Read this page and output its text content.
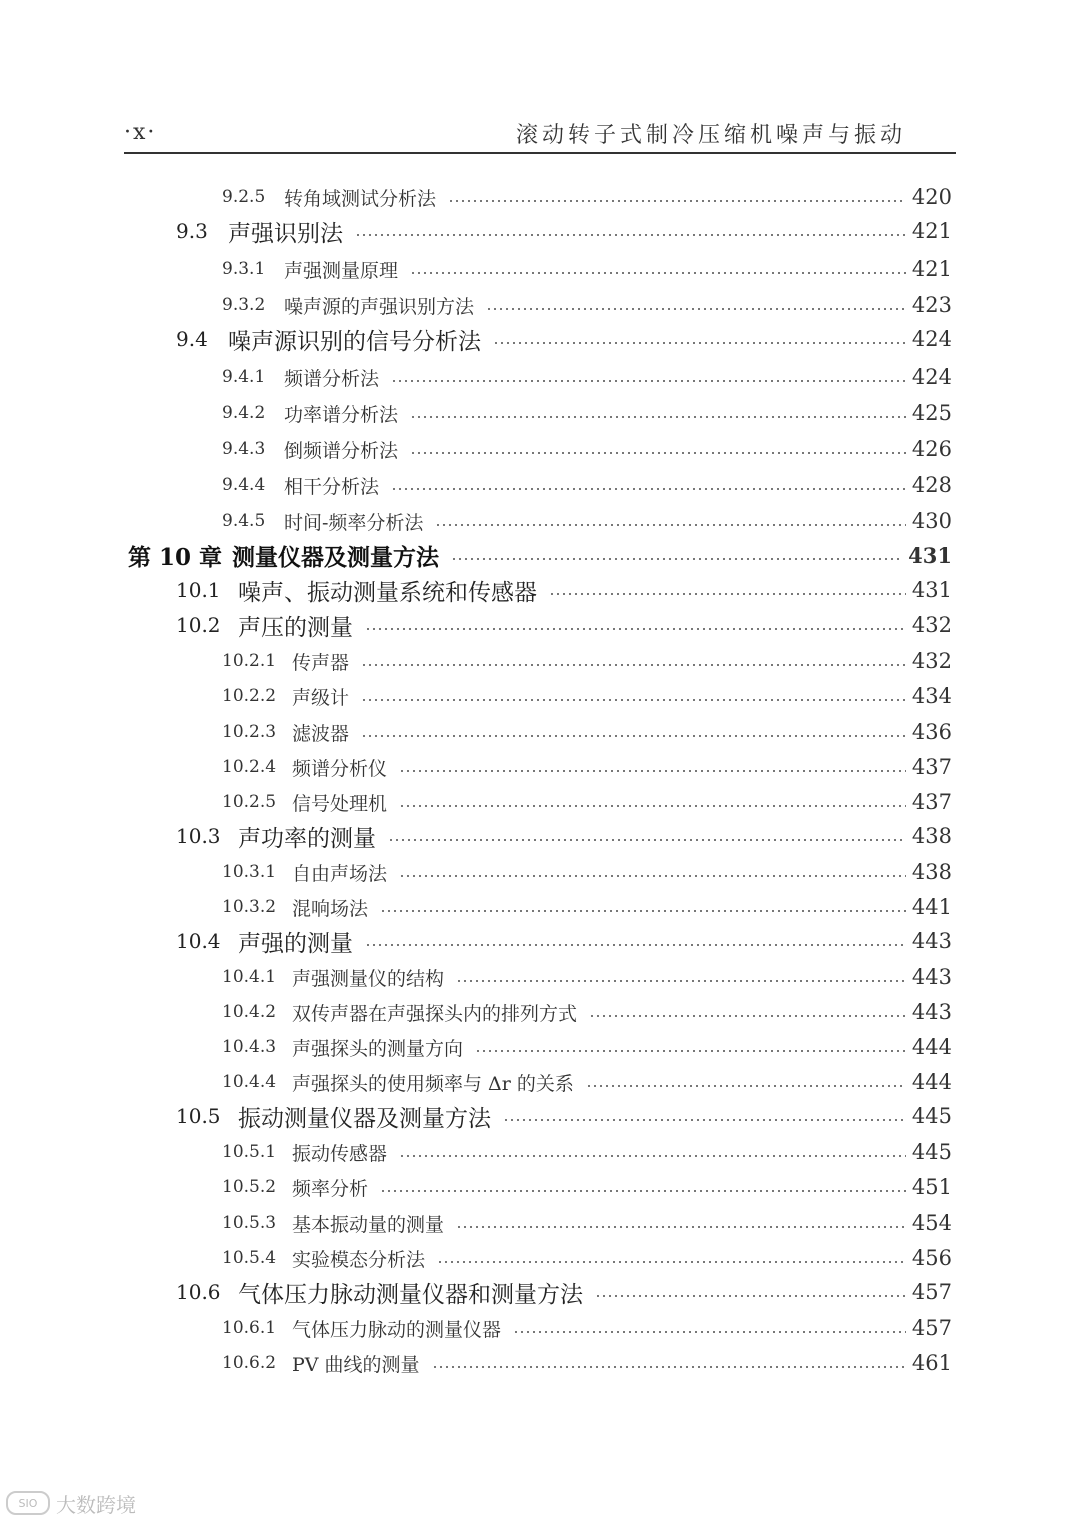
·x·	滚动转子式制冷压缩机噪声与振动
9.2.5 转角域测试分析法	420
9.3 声强识别法	421
9.3.1 声强测量原理	421
9.3.2 噪声源的声强识别方法	423
9.4 噪声源识别的信号分析法	424
9.4.1 频谱分析法	424
9.4.2 功率谱分析法	425
9.4.3 倒频谱分析法	426
9.4.4 相干分析法	428
9.4.5 时间-频率分析法	430
第 10 章 测量仪器及测量方法	431
10.1 噪声、振动测量系统和传感器	431
10.2 声压的测量	432
10.2.1 传声器	432
10.2.2 声级计	434
10.2.3 滤波器	436
10.2.4 频谱分析仪	437
10.2.5 信号处理机	437
10.3 声功率的测量	438
10.3.1 自由声场法	438
10.3.2 混响场法	441
10.4 声强的测量	443
10.4.1 声强测量仪的结构	443
10.4.2 双传声器在声强探头内的排列方式	443
10.4.3 声强探头的测量方向	444
10.4.4 声强探头的使用频率与 Δr 的关系	444
10.5 振动测量仪器及测量方法	445
10.5.1 振动传感器	445
10.5.2 频率分析	451
10.5.3 基本振动量的测量	454
10.5.4 实验模态分析法	456
10.6 气体压力脉动测量仪器和测量方法	457
10.6.1 气体压力脉动的测量仪器	457
10.6.2 PV 曲线的测量	461
SIO 大数跨境
